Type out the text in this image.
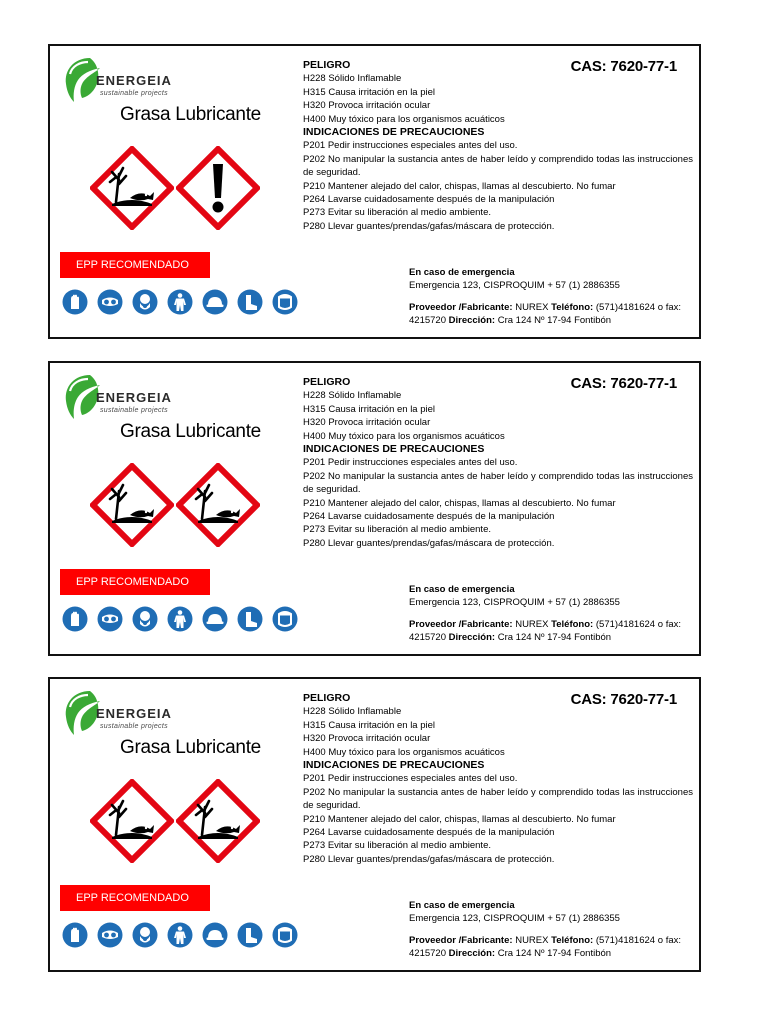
ENERGEIA
sustainable projects
Grasa Lubricante
EPP RECOMENDADO
PELIGRO
H228 Sólido Inflamable
H315 Causa irritación en la piel
H320 Provoca irritación ocular
H400 Muy tóxico para los organismos acuáticos
INDICACIONES DE PRECAUCIONES
P201 Pedir instrucciones especiales antes del uso.
P202 No manipular la sustancia antes de haber leído y comprendido todas las instrucciones de seguridad.
P210 Mantener alejado del calor, chispas, llamas al descubierto. No fumar
P264 Lavarse cuidadosamente después de la manipulación
P273 Evitar su liberación al medio ambiente.
P280 Llevar guantes/prendas/gafas/máscara de protección.
CAS: 7620-77-1
En caso de emergencia
Emergencia 123, CISPROQUIM + 57 (1) 2886355
Proveedor /Fabricante: NUREX Teléfono: (571)4181624 o fax: 4215720 Dirección: Cra 124 Nº 17-94 Fontibón
ENERGEIA
sustainable projects
Grasa Lubricante
EPP RECOMENDADO
PELIGRO
H228 Sólido Inflamable
H315 Causa irritación en la piel
H320 Provoca irritación ocular
H400 Muy tóxico para los organismos acuáticos
INDICACIONES DE PRECAUCIONES
P201 Pedir instrucciones especiales antes del uso.
P202 No manipular la sustancia antes de haber leído y comprendido todas las instrucciones de seguridad.
P210 Mantener alejado del calor, chispas, llamas al descubierto. No fumar
P264 Lavarse cuidadosamente después de la manipulación
P273 Evitar su liberación al medio ambiente.
P280 Llevar guantes/prendas/gafas/máscara de protección.
CAS: 7620-77-1
En caso de emergencia
Emergencia 123, CISPROQUIM + 57 (1) 2886355
Proveedor /Fabricante: NUREX Teléfono: (571)4181624 o fax: 4215720 Dirección: Cra 124 Nº 17-94 Fontibón
ENERGEIA
sustainable projects
Grasa Lubricante
EPP RECOMENDADO
PELIGRO
H228 Sólido Inflamable
H315 Causa irritación en la piel
H320 Provoca irritación ocular
H400 Muy tóxico para los organismos acuáticos
INDICACIONES DE PRECAUCIONES
P201 Pedir instrucciones especiales antes del uso.
P202 No manipular la sustancia antes de haber leído y comprendido todas las instrucciones de seguridad.
P210 Mantener alejado del calor, chispas, llamas al descubierto. No fumar
P264 Lavarse cuidadosamente después de la manipulación
P273 Evitar su liberación al medio ambiente.
P280 Llevar guantes/prendas/gafas/máscara de protección.
CAS: 7620-77-1
En caso de emergencia
Emergencia 123, CISPROQUIM + 57 (1) 2886355
Proveedor /Fabricante: NUREX Teléfono: (571)4181624 o fax: 4215720 Dirección: Cra 124 Nº 17-94 Fontibón
